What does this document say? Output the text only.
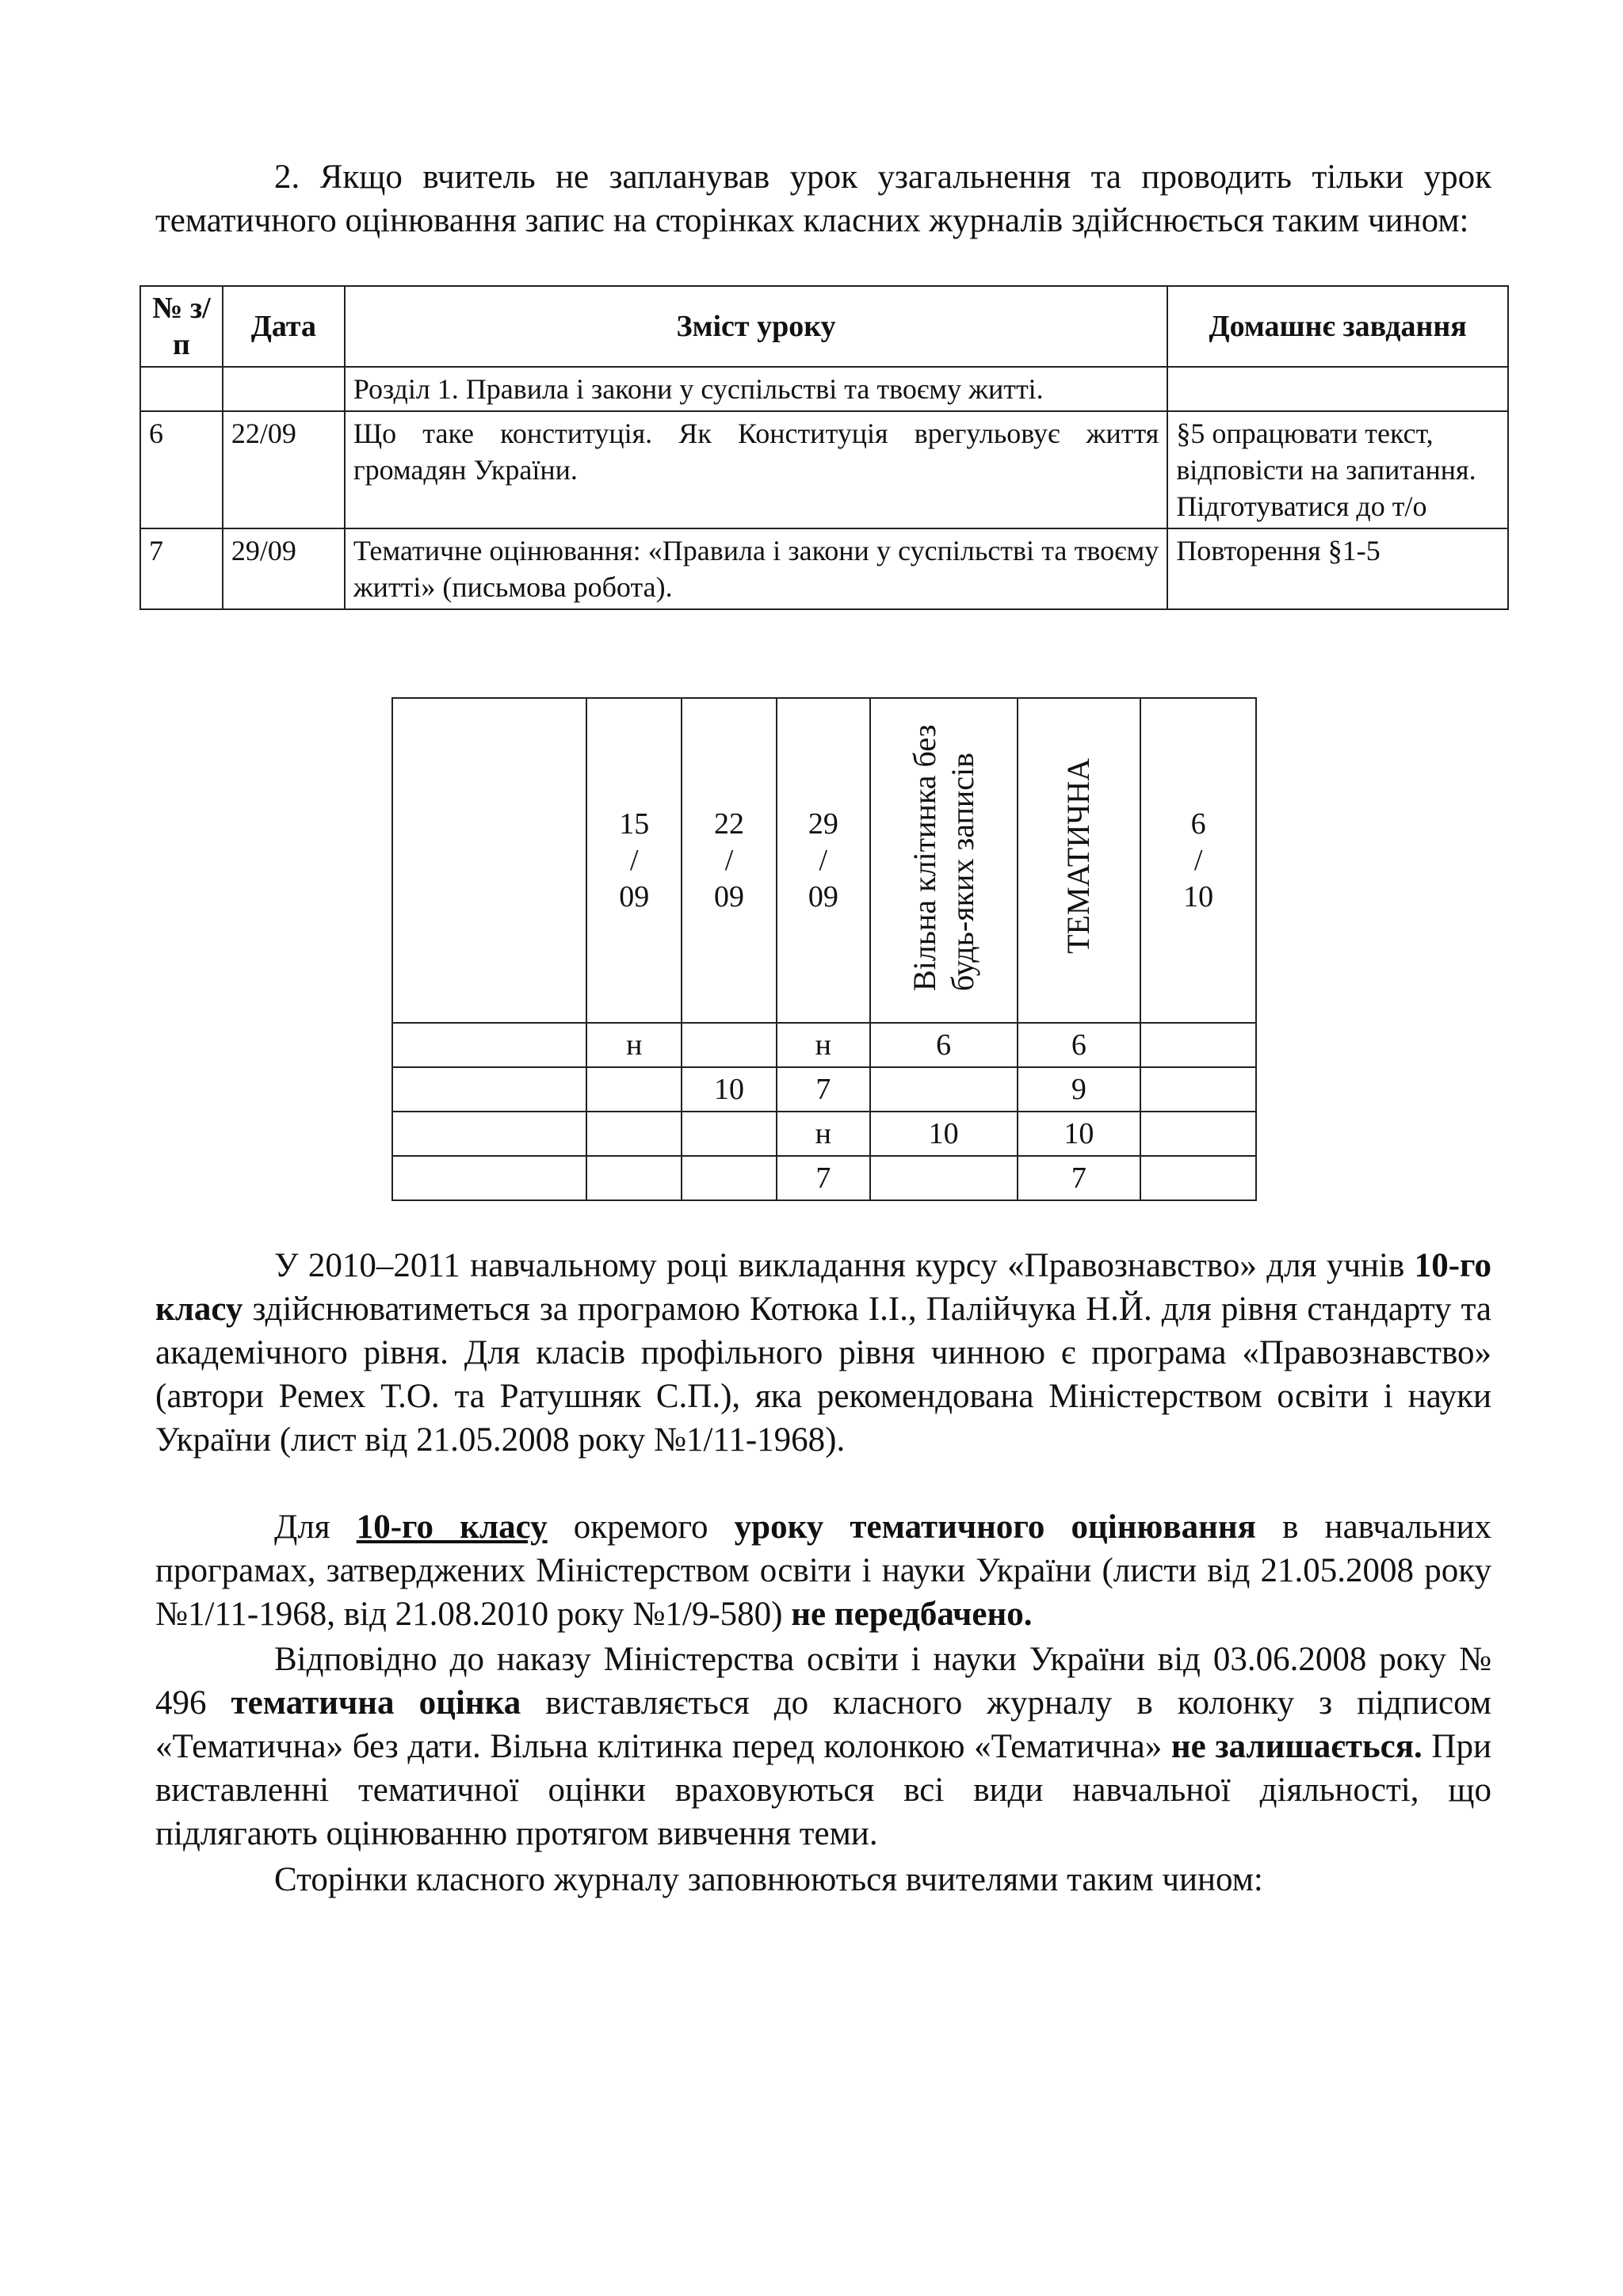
2. Якщо вчитель не запланував урок узагальнення та проводить тільки урок тематичного оцінювання запис на сторінках класних журналів здійснюється таким чином:
№ з/п	Дата	Зміст уроку	Домашнє завдання
		Розділ 1. Правила і закони у суспільстві та твоєму житті.	
6	22/09	Що таке конституція. Як Конституція врегульовує життя громадян України.	§5 опрацювати текст, відповісти на запитання. Підготуватися до т/о
7	29/09	Тематичне оцінювання: «Правила і закони у суспільстві та твоєму житті» (письмова робота).	Повторення §1-5

	15
/
09	22
/
09	29
/
09	Вільна клітинка без будь-яких записів	ТЕМАТИЧНА	6
/
10

	н		н	6	6	
		10	7		9	
			н	10	10	
			7		7	
У 2010–2011 навчальному році викладання курсу «Правознавство» для учнів 10-го класу здійснюватиметься за програмою Котюка І.І., Палійчука Н.Й. для рівня стандарту та академічного рівня. Для класів профільного рівня чинною є програма «Правознавство» (автори Ремех Т.О. та Ратушняк С.П.), яка рекомендована Міністерством освіти і науки України (лист від 21.05.2008 року №1/11-1968).
Для 10-го класу окремого уроку тематичного оцінювання в навчальних програмах, затверджених Міністерством освіти і науки України (листи від 21.05.2008 року №1/11-1968, від 21.08.2010 року №1/9-580) не передбачено.
Відповідно до наказу Міністерства освіти і науки України від 03.06.2008 року № 496 тематична оцінка виставляється до класного журналу в колонку з підписом «Тематична» без дати. Вільна клітинка перед колонкою «Тематична» не залишається. При виставленні тематичної оцінки враховуються всі види навчальної діяльності, що підлягають оцінюванню протягом вивчення теми.
Сторінки класного журналу заповнюються вчителями таким чином:
